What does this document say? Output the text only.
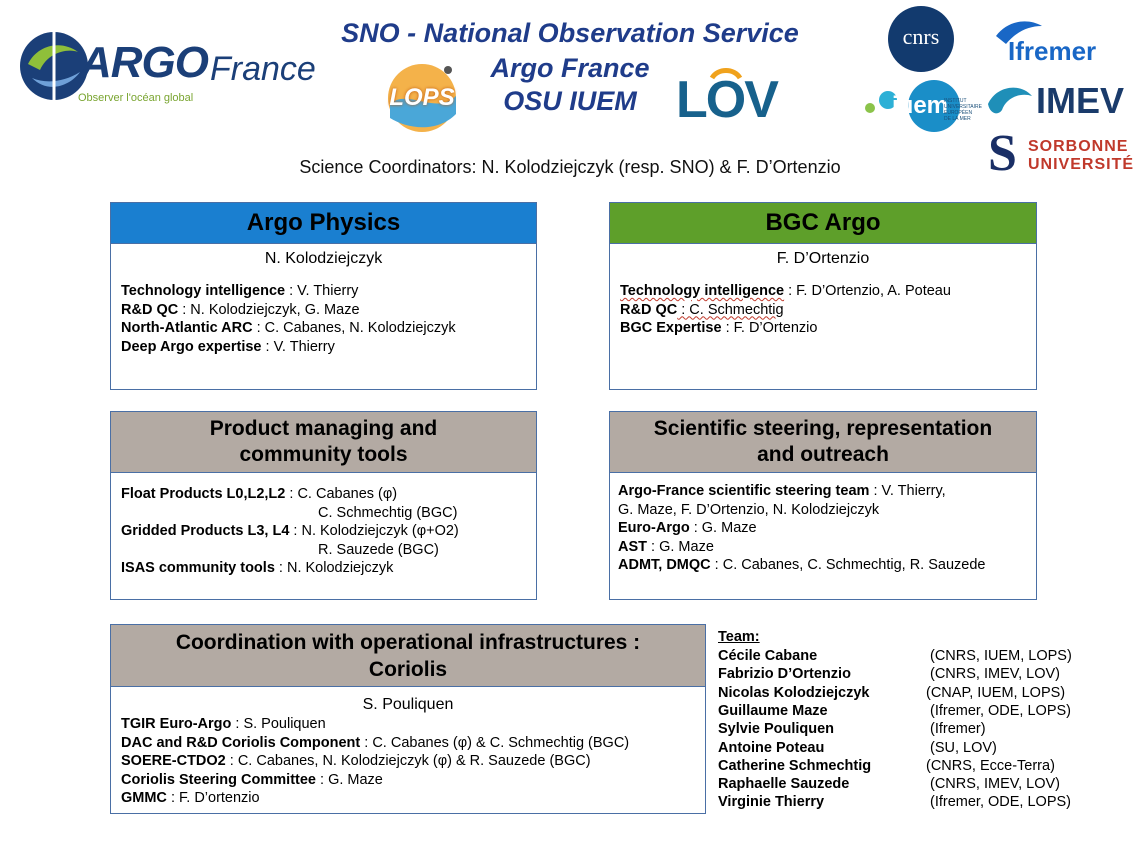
ARGO France
Observer l'océan global
SNO - National Observation Service
Argo France
OSU IUEM
LOPS	LOV
cnrs	Ifremer
iuem
INSTITUT UNIVERSITAIRE EUROPÉEN DE LA MER IMEV
S SORBONNE
UNIVERSITÉ
Science Coordinators: N. Kolodziejczyk (resp. SNO) & F. D’Ortenzio
Argo Physics
N. Kolodziejczyk
Technology intelligence : V. Thierry
R&D QC : N. Kolodziejczyk, G. Maze
North-Atlantic ARC : C. Cabanes, N. Kolodziejczyk
Deep Argo expertise : V. Thierry
BGC Argo
F. D’Ortenzio
Technology intelligence : F. D’Ortenzio, A. Poteau
R&D QC : C. Schmechtig
BGC Expertise : F. D’Ortenzio
Product managing and
community tools
Float Products L0,L2,L2 : C. Cabanes (φ)
C. Schmechtig (BGC)
Gridded Products L3, L4 : N. Kolodziejczyk (φ+O2)
R. Sauzede (BGC)
ISAS community tools : N. Kolodziejczyk
Scientific steering, representation
and outreach
Argo-France scientific steering team : V. Thierry,
G. Maze, F. D’Ortenzio, N. Kolodziejczyk
Euro-Argo : G. Maze
AST : G. Maze
ADMT, DMQC : C. Cabanes, C. Schmechtig, R. Sauzede
Coordination with operational infrastructures :
Coriolis
S. Pouliquen
TGIR Euro-Argo : S. Pouliquen
DAC and R&D Coriolis Component : C. Cabanes (φ) & C. Schmechtig (BGC)
SOERE-CTDO2 : C. Cabanes, N. Kolodziejczyk (φ) & R. Sauzede (BGC)
Coriolis Steering Committee : G. Maze
GMMC : F. D’ortenzio
Team:
Cécile Cabane	(CNRS, IUEM, LOPS)
Fabrizio D’Ortenzio	(CNRS, IMEV, LOV)
Nicolas Kolodziejczyk	(CNAP, IUEM, LOPS)
Guillaume Maze	(Ifremer, ODE, LOPS)
Sylvie Pouliquen	(Ifremer)
Antoine Poteau	(SU, LOV)
Catherine Schmechtig	(CNRS, Ecce-Terra)
Raphaelle Sauzede	(CNRS, IMEV, LOV)
Virginie Thierry	(Ifremer, ODE, LOPS)
